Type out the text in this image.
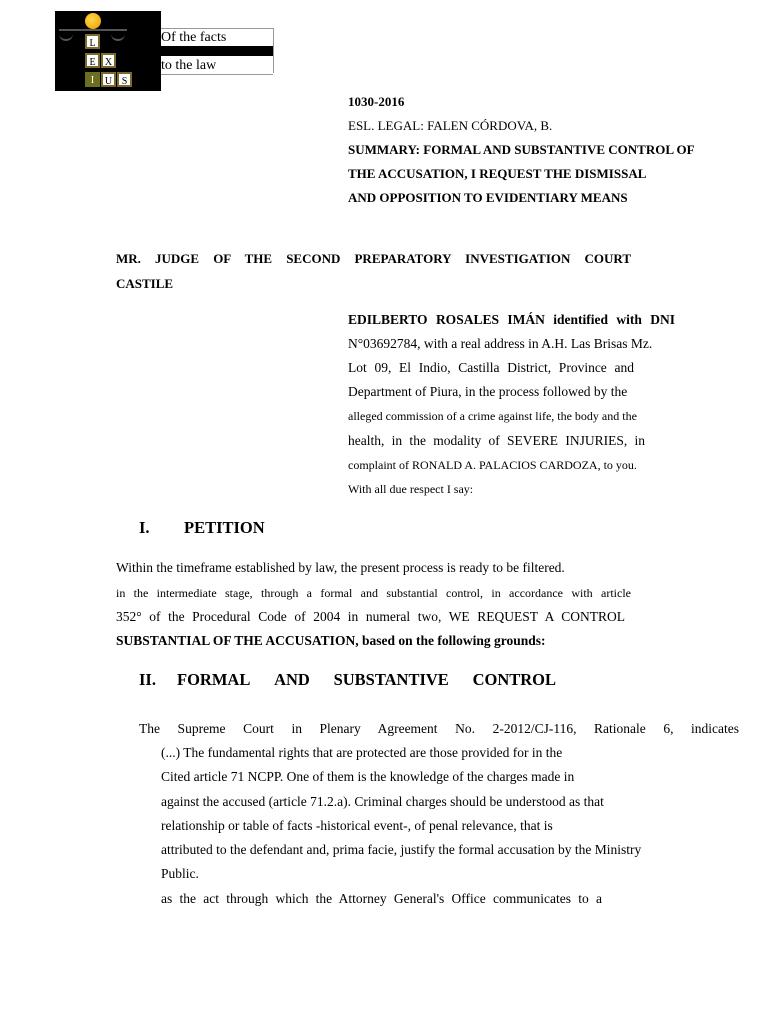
L
E X
I	U S
Of the facts
to the law
1030-2016
ESL. LEGAL: FALEN CÓRDOVA, B.
SUMMARY: FORMAL AND SUBSTANTIVE CONTROL OF
THE ACCUSATION, I REQUEST THE DISMISSAL
AND OPPOSITION TO EVIDENTIARY MEANS
MR. JUDGE OF THE SECOND PREPARATORY INVESTIGATION COURT
CASTILE
EDILBERTO ROSALES IMÁN identified with DNI
N°03692784, with a real address in A.H. Las Brisas Mz.
Lot 09, El Indio, Castilla District, Province and
Department of Piura, in the process followed by the
alleged commission of a crime against life, the body and the
health, in the modality of SEVERE INJURIES, in
complaint of RONALD A. PALACIOS CARDOZA, to you.
With all due respect I say:
I. PETITION
Within the timeframe established by law, the present process is ready to be filtered.
in the intermediate stage, through a formal and substantial control, in accordance with article
352° of the Procedural Code of 2004 in numeral two, WE REQUEST A CONTROL
SUBSTANTIAL OF THE ACCUSATION, based on the following grounds:
II. FORMAL AND SUBSTANTIVE CONTROL
The Supreme Court in Plenary Agreement No. 2-2012/CJ-116, Rationale 6, indicates
(...) The fundamental rights that are protected are those provided for in the
Cited article 71 NCPP. One of them is the knowledge of the charges made in
against the accused (article 71.2.a). Criminal charges should be understood as that
relationship or table of facts -historical event-, of penal relevance, that is
attributed to the defendant and, prima facie, justify the formal accusation by the Ministry
Public.
as the act through which the Attorney General's Office communicates to a
